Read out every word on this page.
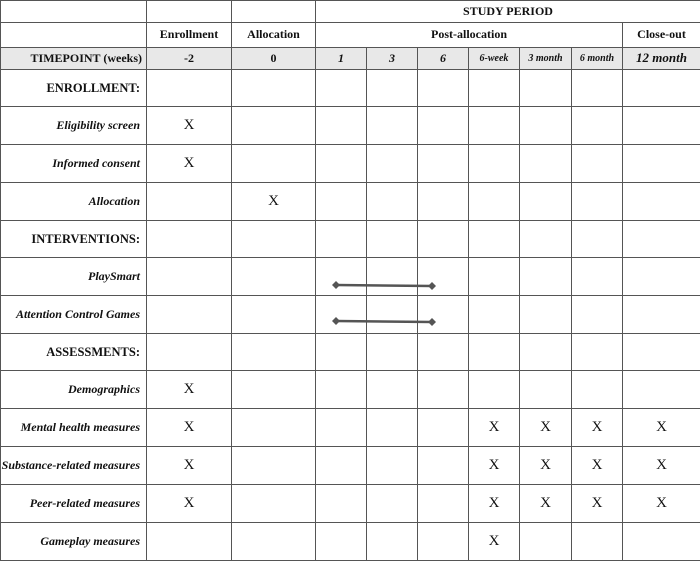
			STUDY PERIOD						
	Enrollment	Allocation	Post-allocation						Close-out
TIMEPOINT (weeks)	-2	0	1	3	6	6-week	3 month	6 month	12 month
ENROLLMENT:									
Eligibility screen	X								
Informed consent	X								
Allocation		X							
INTERVENTIONS:									
PlaySmart									
Attention Control Games									
ASSESSMENTS:									
Demographics	X								
Mental health measures	X					X	X	X	X
Substance-related measures	X					X	X	X	X
Peer-related measures	X					X	X	X	X
Gameplay measures						X			
